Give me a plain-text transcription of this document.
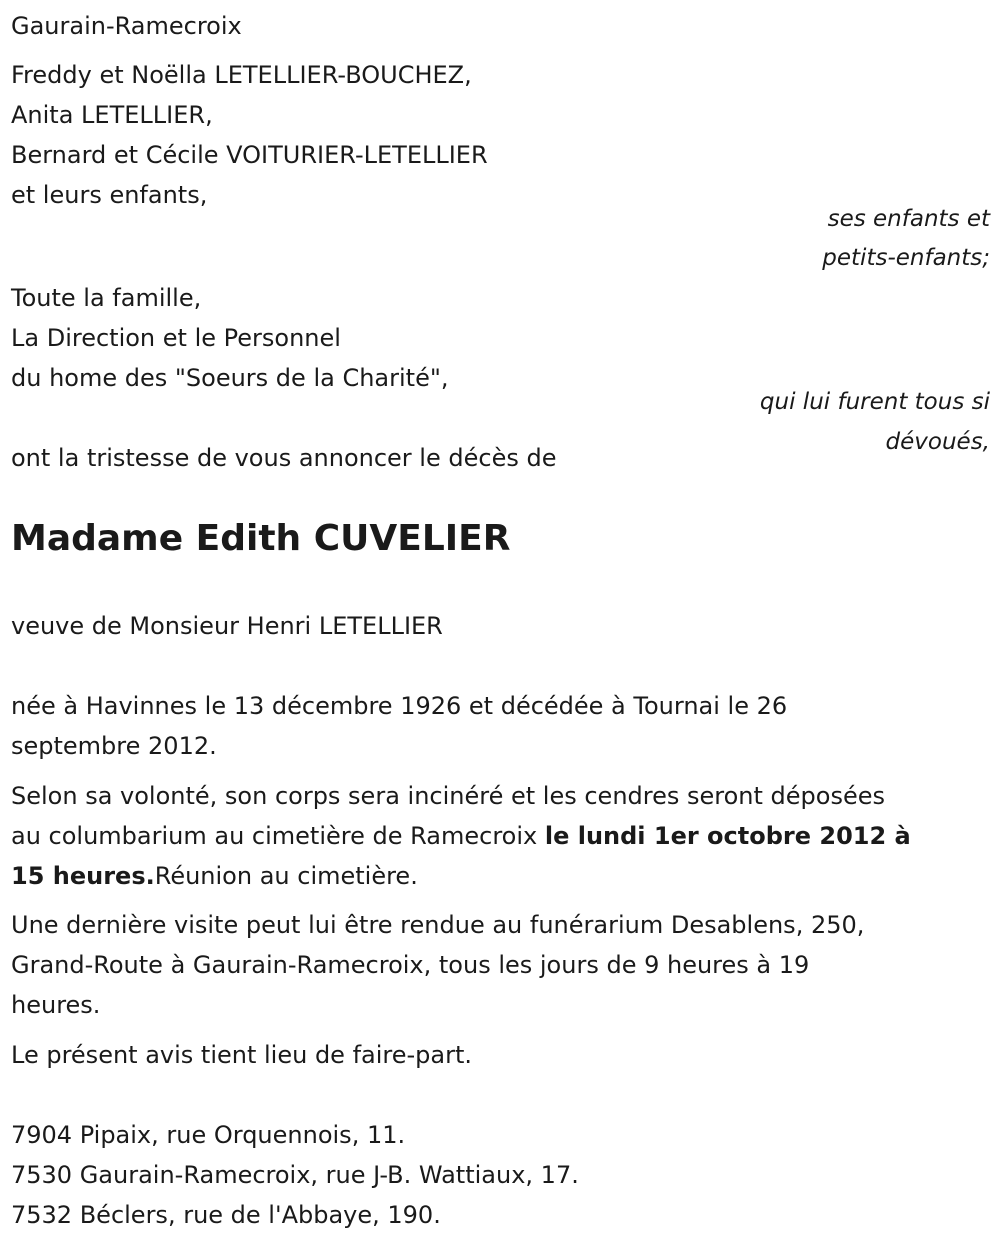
Gaurain-Ramecroix
Freddy et Noëlla LETELLIER-BOUCHEZ,
Anita LETELLIER,
Bernard et Cécile VOITURIER-LETELLIER
et leurs enfants,
ses enfants et
petits-enfants;
Toute la famille,
La Direction et le Personnel
du home des "Soeurs de la Charité",
qui lui furent tous si
dévoués,
ont la tristesse de vous annoncer le décès de
Madame Edith CUVELIER
veuve de Monsieur Henri LETELLIER
née à Havinnes le 13 décembre 1926 et décédée à Tournai le 26
septembre 2012.
Selon sa volonté, son corps sera incinéré et les cendres seront déposées
au columbarium au cimetière de Ramecroix le lundi 1er octobre 2012 à
15 heures.Réunion au cimetière.
Une dernière visite peut lui être rendue au funérarium Desablens, 250,
Grand-Route à Gaurain-Ramecroix, tous les jours de 9 heures à 19
heures.
Le présent avis tient lieu de faire-part.
7904 Pipaix, rue Orquennois, 11.
7530 Gaurain-Ramecroix, rue J-B. Wattiaux, 17.
7532 Béclers, rue de l'Abbaye, 190.
